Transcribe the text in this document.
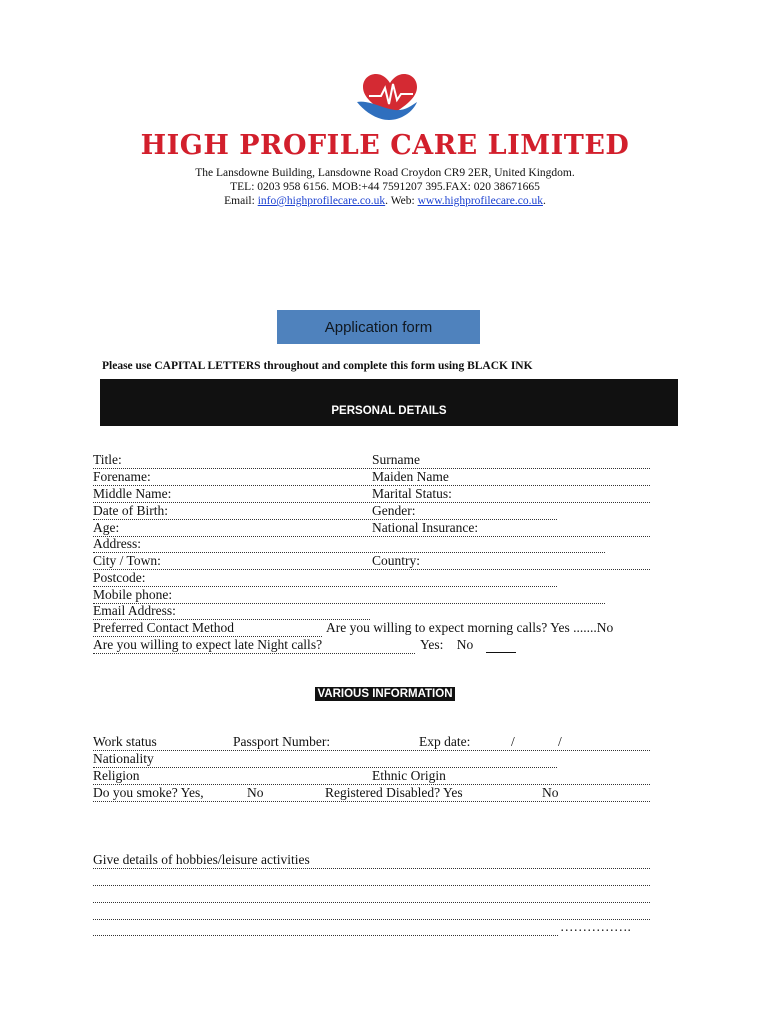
HIGH PROFILE CARE LIMITED
The Lansdowne Building, Lansdowne Road Croydon CR9 2ER, United Kingdom.
TEL: 0203 958 6156. MOB:+44 7591207 395.FAX: 020 38671665
Email: info@highprofilecare.co.uk. Web: www.highprofilecare.co.uk.
Application form
Please use CAPITAL LETTERS throughout and complete this form using BLACK INK
PERSONAL DETAILS
Title:	Surname
Forename:	Maiden Name
Middle Name:	Marital Status:
Date of Birth:	Gender:
Age:	National Insurance:
Address:
City / Town:	Country:
Postcode:
Mobile phone:
Email Address:
Preferred Contact Method	Are you willing to expect morning calls? Yes .......No
Are you willing to expect late Night calls?	Yes: No
VARIOUS INFORMATION
Work status	Passport Number:	Exp date:	/	/
Nationality
Religion	Ethnic Origin
Do you smoke? Yes,	No	Registered Disabled? Yes	No
Give details of hobbies/leisure activities
…………….
